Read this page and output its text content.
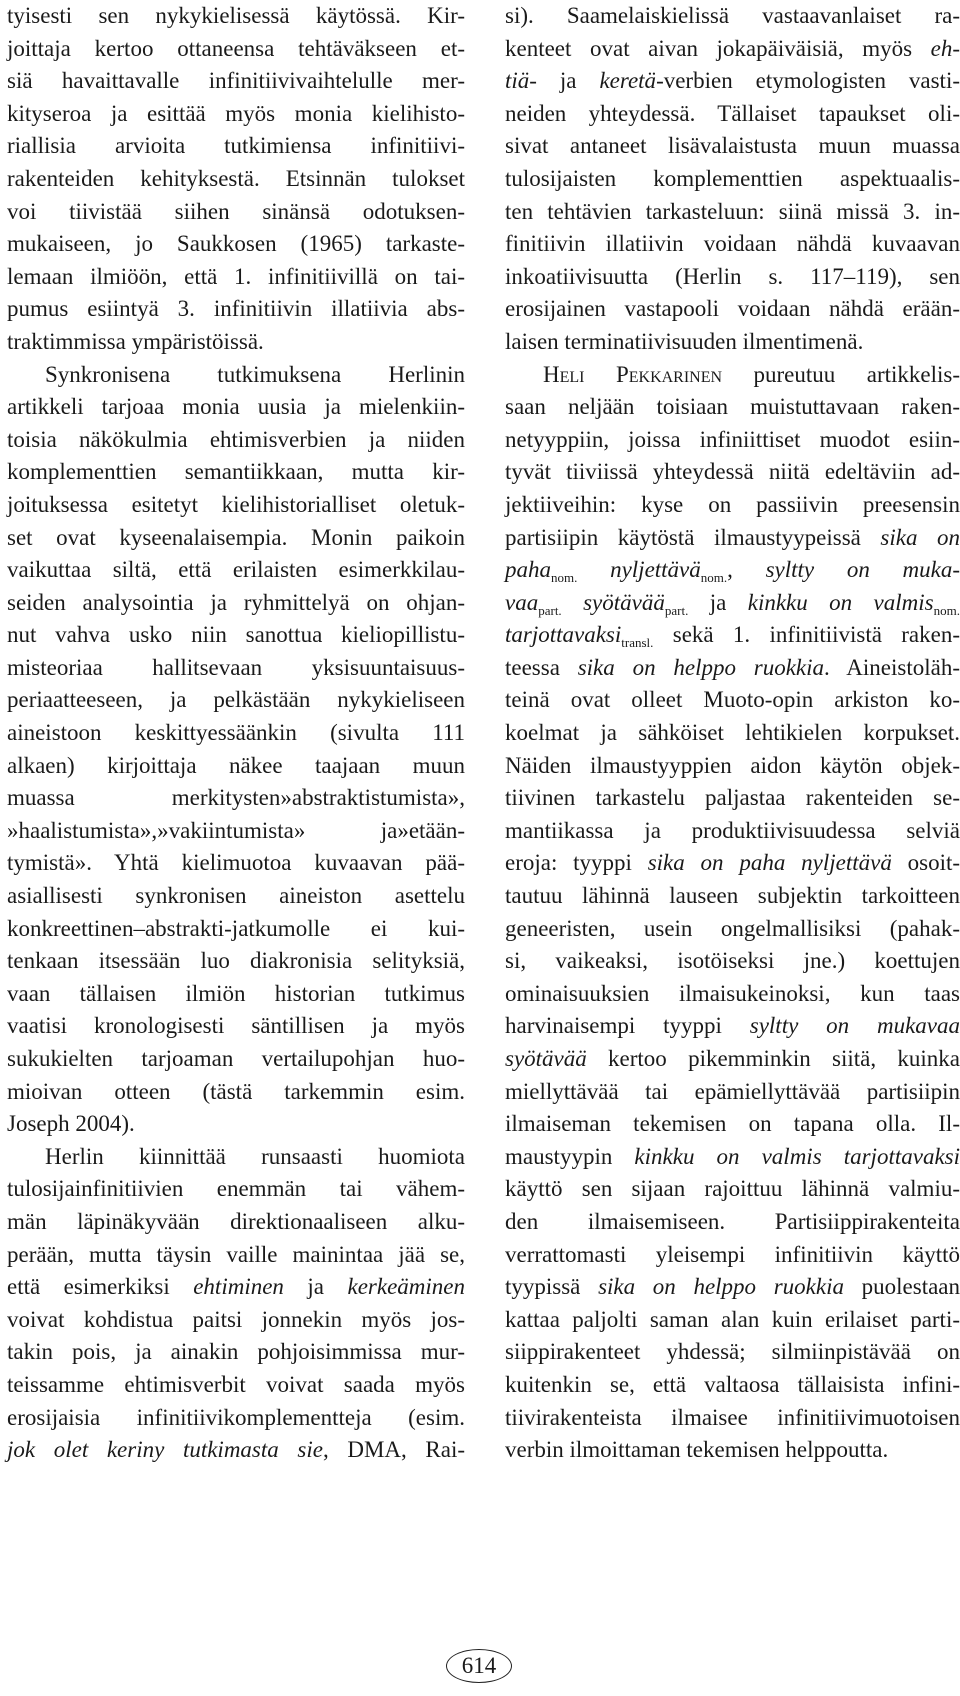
tyisesti sen nykykielisessä käytössä. Kir-
joittaja kertoo ottaneensa tehtäväkseen et-
siä havaittavalle infinitiivivaihtelulle mer-
kityseroa ja esittää myös monia kielihisto-
riallisia arvioita tutkimiensa infinitiivi-
rakenteiden kehityksestä. Etsinnän tulokset
voi tiivistää siihen sinänsä odotuksen-
mukaiseen, jo Saukkosen (1965) tarkaste-
lemaan ilmiöön, että 1. infinitiivillä on tai-
pumus esiintyä 3. infinitiivin illatiivia abs-
traktimmissa ympäristöissä.
Synkronisena tutkimuksena Herlinin
artikkeli tarjoaa monia uusia ja mielenkiin-
toisia näkökulmia ehtimisverbien ja niiden
komplementtien semantiikkaan, mutta kir-
joituksessa esitetyt kielihistorialliset oletuk-
set ovat kyseenalaisempia. Monin paikoin
vaikuttaa siltä, että erilaisten esimerkkilau-
seiden analysointia ja ryhmittelyä on ohjan-
nut vahva usko niin sanottua kieliopillistu-
misteoriaa hallitsevaan yksisuuntaisuus-
periaatteeseen, ja pelkästään nykykieliseen
aineistoon keskittyessäänkin (sivulta 111
alkaen) kirjoittaja näkee taajaan muun
muassa merkitysten»abstraktistumista»,
»haalistumista»,»vakiintumista» ja»etään-
tymistä». Yhtä kielimuotoa kuvaavan pää-
asiallisesti synkronisen aineiston asettelu
konkreettinen–abstrakti-jatkumolle ei kui-
tenkaan itsessään luo diakronisia selityksiä,
vaan tällaisen ilmiön historian tutkimus
vaatisi kronologisesti säntillisen ja myös
sukukielten tarjoaman vertailupohjan huo-
mioivan otteen (tästä tarkemmin esim.
Joseph 2004).
Herlin kiinnittää runsaasti huomiota
tulosijainfinitiivien enemmän tai vähem-
män läpinäkyvään direktionaaliseen alku-
perään, mutta täysin vaille mainintaa jää se,
että esimerkiksi ehtiminen ja kerkeäminen
voivat kohdistua paitsi jonnekin myös jos-
takin pois, ja ainakin pohjoisimmissa mur-
teissamme ehtimisverbit voivat saada myös
erosijaisia infinitiivikomplementteja (esim.
jok olet keriny tutkimasta sie, DMA, Rai-
si). Saamelaiskielissä vastaavanlaiset ra-
kenteet ovat aivan jokapäiväisiä, myös eh-
tiä- ja keretä-verbien etymologisten vasti-
neiden yhteydessä. Tällaiset tapaukset oli-
sivat antaneet lisävalaistusta muun muassa
tulosijaisten komplementtien aspektuaalis-
ten tehtävien tarkasteluun: siinä missä 3. in-
finitiivin illatiivin voidaan nähdä kuvaavan
inkoatiivisuutta (Herlin s. 117–119), sen
erosijainen vastapooli voidaan nähdä erään-
laisen terminatiivisuuden ilmentimenä.
Heli Pekkarinen pureutuu artikkelis-
saan neljään toisiaan muistuttavaan raken-
netyyppiin, joissa infiniittiset muodot esiin-
tyvät tiiviissä yhteydessä niitä edeltäviin ad-
jektiiveihin: kyse on passiivin preesensin
partisiipin käytöstä ilmaustyypeissä sika on
paha$_{nom.}$ nyljettävä$_{nom.}$, syltty on muka-
vaa$_{part.}$ syötävää$_{part.}$ ja kinkku on valmis$_{nom.}$
tarjottavaksi$_{transl.}$ sekä 1. infinitiivistä raken-
teessa sika on helppo ruokkia. Aineistoläh-
teinä ovat olleet Muoto-opin arkiston ko-
koelmat ja sähköiset lehtikielen korpukset.
Näiden ilmaustyyppien aidon käytön objek-
tiivinen tarkastelu paljastaa rakenteiden se-
mantiikassa ja produktiivisuudessa selviä
eroja: tyyppi sika on paha nyljettävä osoit-
tautuu lähinnä lauseen subjektin tarkoitteen
geneeristen, usein ongelmallisiksi (pahak-
si, vaikeaksi, isotöiseksi jne.) koettujen
ominaisuuksien ilmaisukeinoksi, kun taas
harvinaisempi tyyppi syltty on mukavaa
syötävää kertoo pikemminkin siitä, kuinka
miellyttävää tai epämiellyttävää partisiipin
ilmaiseman tekemisen on tapana olla. Il-
maustyypin kinkku on valmis tarjottavaksi
käyttö sen sijaan rajoittuu lähinnä valmiu-
den ilmaisemiseen. Partisiippirakenteita
verrattomasti yleisempi infinitiivin käyttö
tyypissä sika on helppo ruokkia puolestaan
kattaa paljolti saman alan kuin erilaiset parti-
siippirakenteet yhdessä; silmiinpistävää on
kuitenkin se, että valtaosa tällaisista infini-
tiivirakenteista ilmaisee infinitiivimuotoisen
verbin ilmoittaman tekemisen helppoutta.
614
